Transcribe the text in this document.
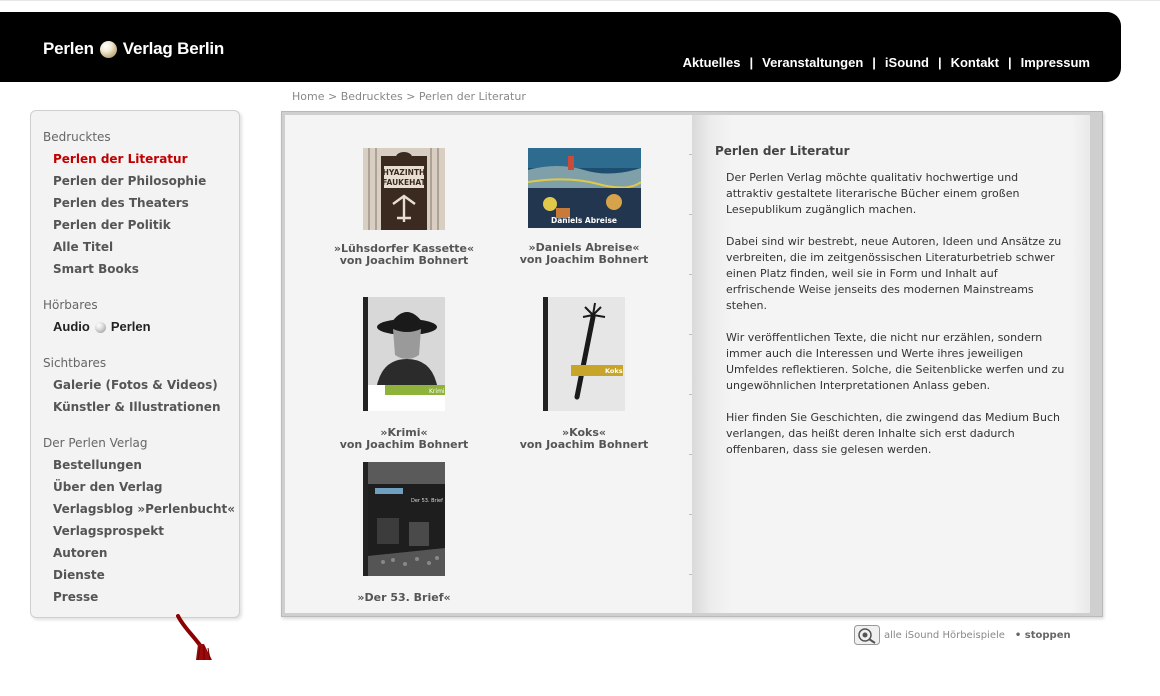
Perlen Verlag Berlin
Aktuelles | Veranstaltungen | iSound | Kontakt | Impressum
Home > Bedrucktes > Perlen der Literatur
Bedrucktes
Perlen der Literatur
Perlen der Philosophie
Perlen des Theaters
Perlen der Politik
Alle Titel
Smart Books
Hörbares
Audio Perlen
Sichtbares
Galerie (Fotos & Videos)
Künstler & Illustrationen
Der Perlen Verlag
Bestellungen
Über den Verlag
Verlagsblog »Perlenbucht«
Verlagsprospekt
Autoren
Dienste
Presse
HYAZINTH
FAUKEHAT
»Lühsdorfer Kassette«
von Joachim Bohnert
Daniels Abreise
»Daniels Abreise«
von Joachim Bohnert
Krimi
»Krimi«
von Joachim Bohnert
Koks
»Koks«
von Joachim Bohnert
Der 53. Brief
»Der 53. Brief«
Perlen der Literatur

Der Perlen Verlag möchte qualitativ hochwertige und attraktiv gestaltete literarische Bücher einem großen Lesepublikum zugänglich machen.

Dabei sind wir bestrebt, neue Autoren, Ideen und Ansätze zu verbreiten, die im zeitgenössischen Literaturbetrieb schwer einen Platz finden, weil sie in Form und Inhalt auf erfrischende Weise jenseits des modernen Mainstreams stehen.

Wir veröffentlichen Texte, die nicht nur erzählen, sondern immer auch die Interessen und Werte ihres jeweiligen Umfeldes reflektieren. Solche, die Seitenblicke werfen und zu ungewöhnlichen Interpretationen Anlass geben.

Hier finden Sie Geschichten, die zwingend das Medium Buch verlangen, das heißt deren Inhalte sich erst dadurch offenbaren, dass sie gelesen werden.

alle iSound Hörbeispiele • stoppen
